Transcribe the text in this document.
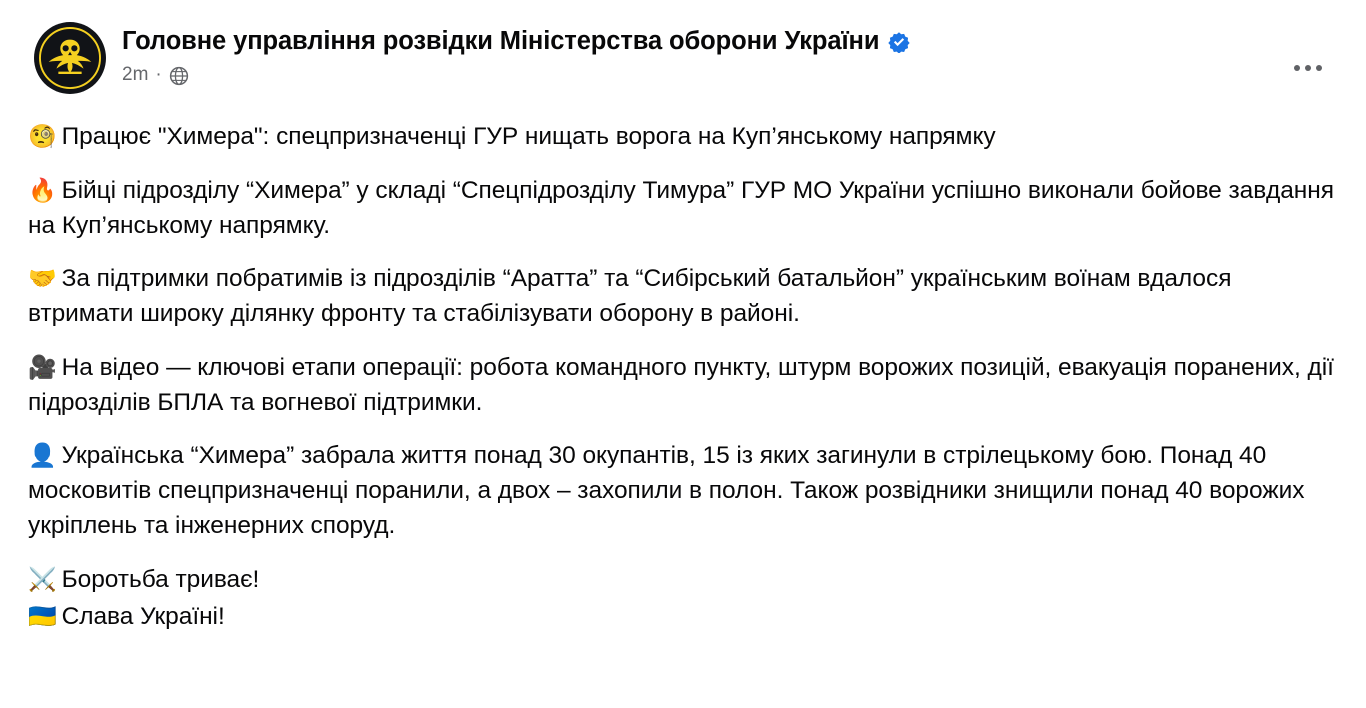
Головне управління розвідки Міністерства оборони України
2m ·

🧐 Працює "Химера": спецпризначенці ГУР нищать ворога на Куп’янському напрямку

🔥 Бійці підрозділу “Химера” у складі “Спецпідрозділу Тимура” ГУР МО України успішно виконали бойове завдання на Куп’янському напрямку.

🤝 За підтримки побратимів із підрозділів “Аратта” та “Сибірський батальйон” українським воїнам вдалося втримати широку ділянку фронту та стабілізувати оборону в районі.

🎥 На відео — ключові етапи операції: робота командного пункту, штурм ворожих позицій, евакуація поранених, дії підрозділів БПЛА та вогневої підтримки.

👤 Українська “Химера” забрала життя понад 30 окупантів, 15 із яких загинули в стрілецькому бою. Понад 40 московитів спецпризначенці поранили, а двох – захопили в полон. Також розвідники знищили понад 40 ворожих укріплень та інженерних споруд.

⚔️ Боротьба триває!

🇺🇦 Слава Україні!
